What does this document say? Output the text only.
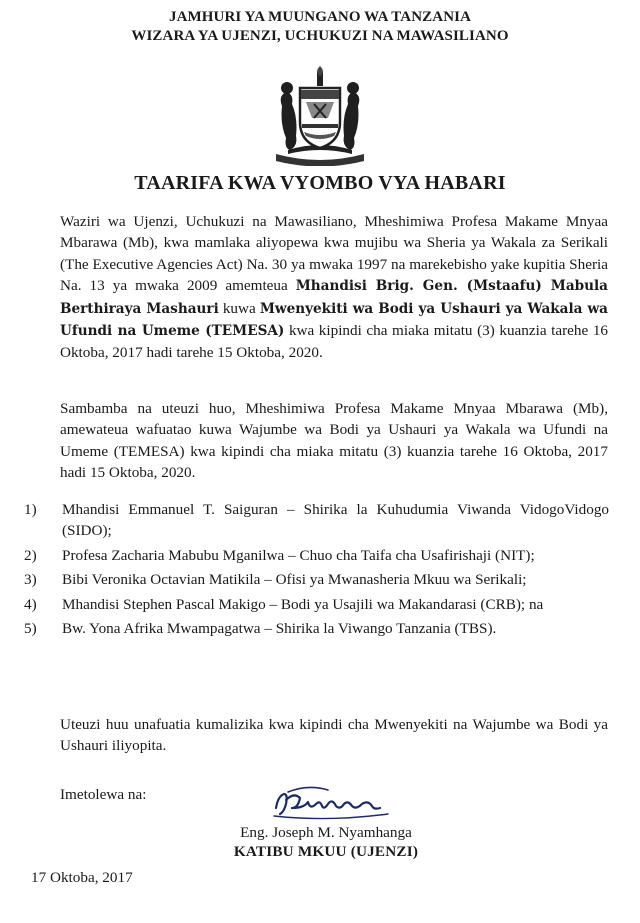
JAMHURI YA MUUNGANO WA TANZANIA
WIZARA YA UJENZI, UCHUKUZI NA MAWASILIANO
TAARIFA KWA VYOMBO VYA HABARI
Waziri wa Ujenzi, Uchukuzi na Mawasiliano, Mheshimiwa Profesa Makame Mnyaa Mbarawa (Mb), kwa mamlaka aliyopewa kwa mujibu wa Sheria ya Wakala za Serikali (The Executive Agencies Act) Na. 30 ya mwaka 1997 na marekebisho yake kupitia Sheria Na. 13 ya mwaka 2009 amemteua Mhandisi Brig. Gen. (Mstaafu) Mabula Berthiraya Mashauri kuwa Mwenyekiti wa Bodi ya Ushauri ya Wakala wa Ufundi na Umeme (TEMESA) kwa kipindi cha miaka mitatu (3) kuanzia tarehe 16 Oktoba, 2017 hadi tarehe 15 Oktoba, 2020.
Sambamba na uteuzi huo, Mheshimiwa Profesa Makame Mnyaa Mbarawa (Mb), amewateua wafuatao kuwa Wajumbe wa Bodi ya Ushauri ya Wakala wa Ufundi na Umeme (TEMESA) kwa kipindi cha miaka mitatu (3) kuanzia tarehe 16 Oktoba, 2017 hadi 15 Oktoba, 2020.
1)	Mhandisi Emmanuel T. Saiguran – Shirika la Kuhudumia Viwanda VidogoVidogo (SIDO);
2)	Profesa Zacharia Mabubu Mganilwa – Chuo cha Taifa cha Usafirishaji (NIT);
3)	Bibi Veronika Octavian Matikila – Ofisi ya Mwanasheria Mkuu wa Serikali;
4)	Mhandisi Stephen Pascal Makigo – Bodi ya Usajili wa Makandarasi (CRB); na
5)	Bw. Yona Afrika Mwampagatwa – Shirika la Viwango Tanzania (TBS).
Uteuzi huu unafuatia kumalizika kwa kipindi cha Mwenyekiti na Wajumbe wa Bodi ya Ushauri iliyopita.
Imetolewa na:
Eng. Joseph M. Nyamhanga
KATIBU MKUU (UJENZI)
17 Oktoba, 2017
